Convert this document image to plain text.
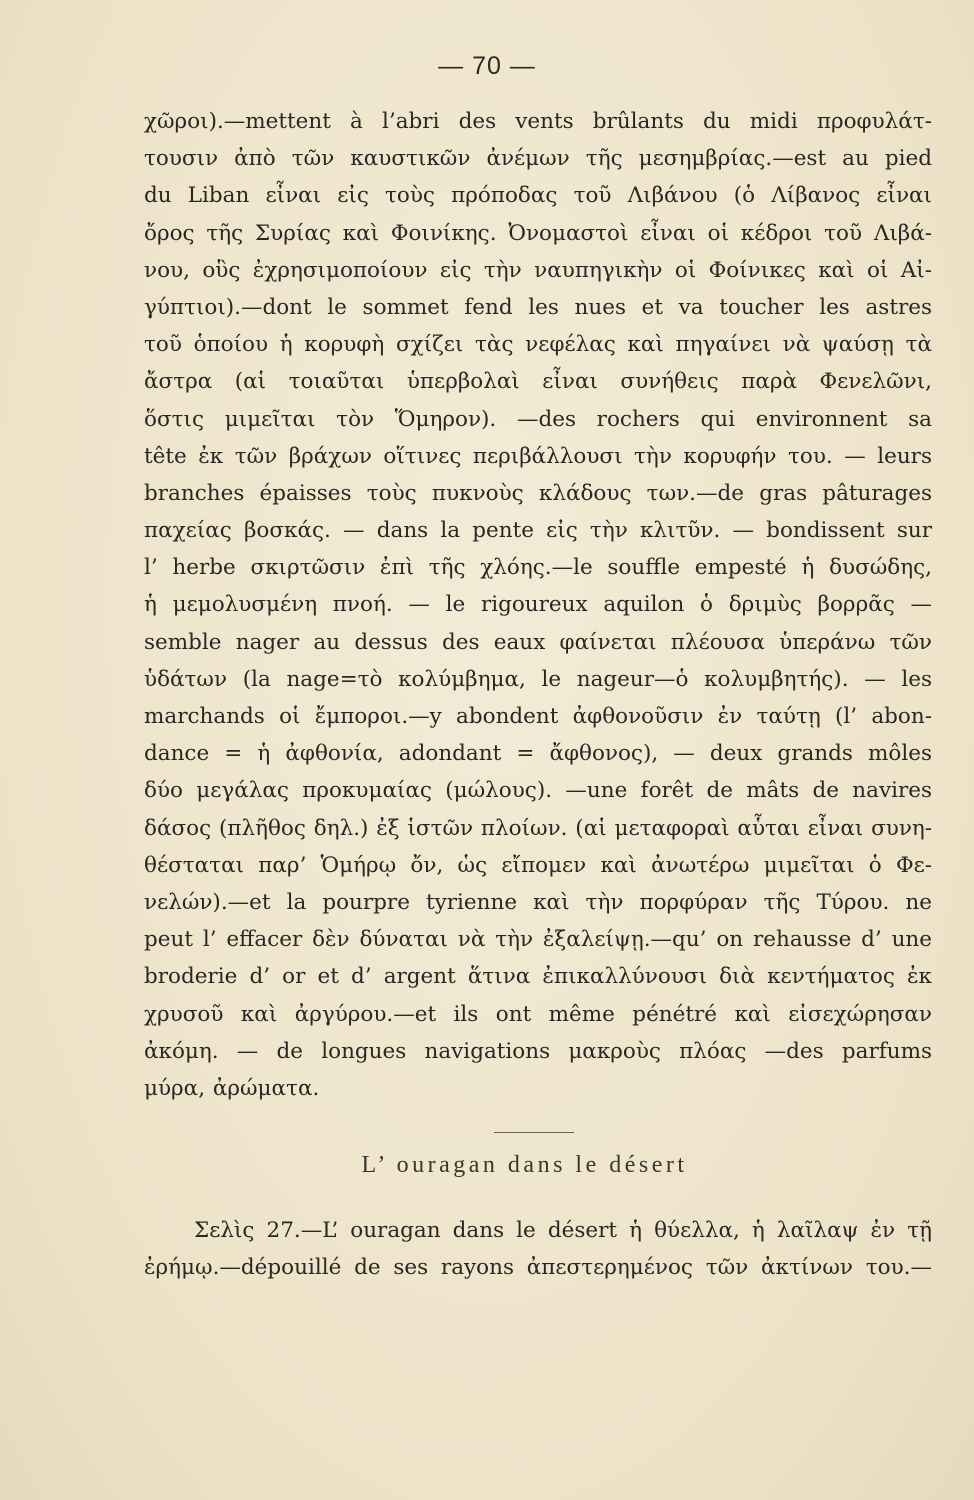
— 70 —
χῶροι).—mettent à l’abri des vents brûlants du midi προφυλάτ-
τουσιν ἀπὸ τῶν καυστικῶν ἀνέμων τῆς μεσημβρίας.—est au pied
du Liban εἶναι εἰς τοὺς πρόποδας τοῦ Λιβάνου (ὁ Λίβανος εἶναι
ὄρος τῆς Συρίας καὶ Φοινίκης. Ὀνομαστοὶ εἶναι οἱ κέδροι τοῦ Λιβά-
νου, οὓς ἐχρησιμοποίουν εἰς τὴν ναυπηγικὴν οἱ Φοίνικες καὶ οἱ Αἰ-
γύπτιοι).—dont le sommet fend les nues et va toucher les astres
τοῦ ὁποίου ἡ κορυφὴ σχίζει τὰς νεφέλας καὶ πηγαίνει νὰ ψαύσῃ τὰ
ἄστρα (αἱ τοιαῦται ὑπερβολαὶ εἶναι συνήθεις παρὰ Φενελῶνι,
ὅστις μιμεῖται τὸν Ὅμηρον). —des rochers qui environnent sa
tête ἐκ τῶν βράχων οἵτινες περιβάλλουσι τὴν κορυφήν του. — leurs
branches épaisses τοὺς πυκνοὺς κλάδους των.—de gras pâturages
παχείας βοσκάς. — dans la pente εἰς τὴν κλιτῦν. — bondissent sur
l’ herbe σκιρτῶσιν ἐπὶ τῆς χλόης.—le souffle empesté ἡ δυσώδης,
ἡ μεμολυσμένη πνοή. — le rigoureux aquilon ὁ δριμὺς βορρᾶς —
semble nager au dessus des eaux φαίνεται πλέουσα ὑπεράνω τῶν
ὑδάτων (la nage=τὸ κολύμβημα, le nageur—ὁ κολυμβητής). — les
marchands οἱ ἔμποροι.—y abondent ἀφθονοῦσιν ἐν ταύτῃ (l’ abon-
dance = ἡ ἀφθονία, adondant = ἄφθονος), — deux grands môles
δύο μεγάλας προκυμαίας (μώλους). —une forêt de mâts de navires
δάσος (πλῆθος δηλ.) ἐξ ἱστῶν πλοίων. (αἱ μεταφοραὶ αὗται εἶναι συνη-
θέσταται παρ’ Ὁμήρῳ ὄν, ὡς εἴπομεν καὶ ἀνωτέρω μιμεῖται ὁ Φε-
νελών).—et la pourpre tyrienne καὶ τὴν πορφύραν τῆς Τύρου. ne
peut l’ effacer δὲν δύναται νὰ τὴν ἐξαλείψῃ.—qu’ on rehausse d’ une
broderie d’ or et d’ argent ἅτινα ἐπικαλλύνουσι διὰ κεντήματος ἐκ
χρυσοῦ καὶ ἀργύρου.—et ils ont même pénétré καὶ εἰσεχώρησαν
ἀκόμη. — de longues navigations μακροὺς πλόας —des parfums
μύρα, ἀρώματα.
L’ ouragan dans le désert
Σελὶς 27.—L’ ouragan dans le désert ἡ θύελλα, ἡ λαῖλαψ ἐν τῇ
ἐρήμῳ.—dépouillé de ses rayons ἀπεστερημένος τῶν ἀκτίνων του.—
